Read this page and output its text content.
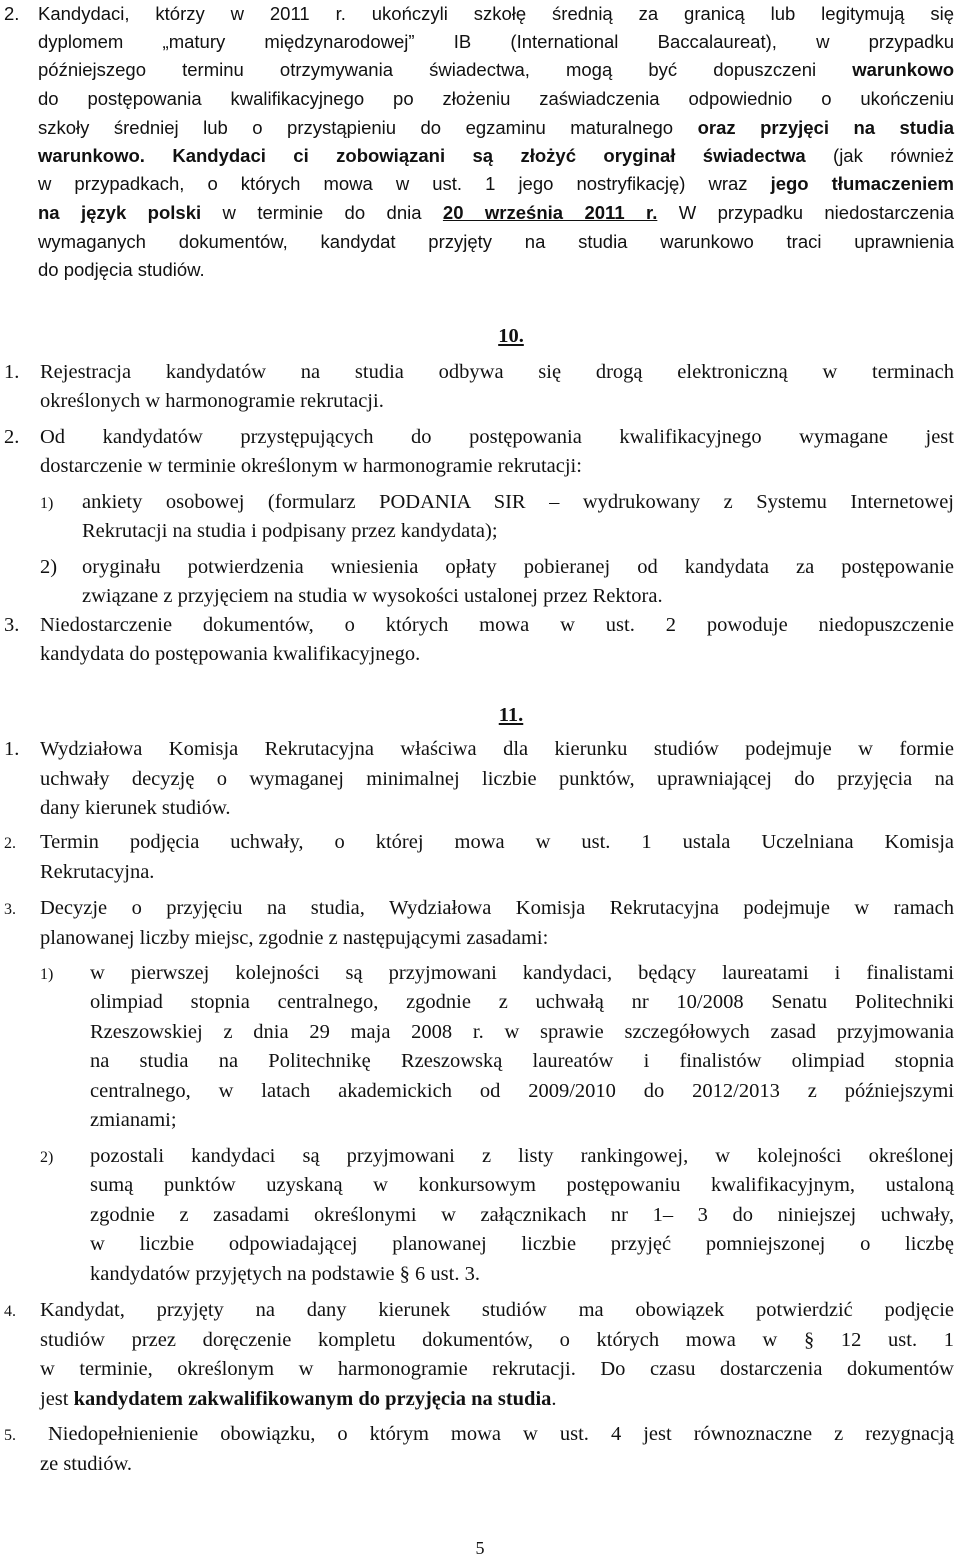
2. Kandydaci, którzy w 2011 r. ukończyli szkołę średnią za granicą lub legitymują się
dyplomem „matury międzynarodowej” IB (International Baccalaureat), w przypadku
późniejszego terminu otrzymywania świadectwa, mogą być dopuszczeni warunkowo
do postępowania kwalifikacyjnego po złożeniu zaświadczenia odpowiednio o ukończeniu
szkoły średniej lub o przystąpieniu do egzaminu maturalnego oraz przyjęci na studia
warunkowo. Kandydaci ci zobowiązani są złożyć oryginał świadectwa (jak również
w przypadkach, o których mowa w ust. 1 jego nostryfikację) wraz jego tłumaczeniem
na język polski w terminie do dnia 20 września 2011 r. W przypadku niedostarczenia
wymaganych dokumentów, kandydat przyjęty na studia warunkowo traci uprawnienia
do podjęcia studiów.
10.
1. Rejestracja kandydatów na studia odbywa się drogą elektroniczną w terminach
określonych w harmonogramie rekrutacji.
2. Od kandydatów przystępujących do postępowania kwalifikacyjnego wymagane jest
dostarczenie w terminie określonym w harmonogramie rekrutacji:
1) ankiety osobowej (formularz PODANIA SIR – wydrukowany z Systemu Internetowej
Rekrutacji na studia i podpisany przez kandydata);
2) oryginału potwierdzenia wniesienia opłaty pobieranej od kandydata za postępowanie
związane z przyjęciem na studia w wysokości ustalonej przez Rektora.
3. Niedostarczenie dokumentów, o których mowa w ust. 2 powoduje niedopuszczenie
kandydata do postępowania kwalifikacyjnego.
11.
1. Wydziałowa Komisja Rekrutacyjna właściwa dla kierunku studiów podejmuje w formie
uchwały decyzję o wymaganej minimalnej liczbie punktów, uprawniającej do przyjęcia na
dany kierunek studiów.
2. Termin podjęcia uchwały, o której mowa w ust. 1 ustala Uczelniana Komisja
Rekrutacyjna.
3. Decyzje o przyjęciu na studia, Wydziałowa Komisja Rekrutacyjna podejmuje w ramach
planowanej liczby miejsc, zgodnie z następującymi zasadami:
1) w pierwszej kolejności są przyjmowani kandydaci, będący laureatami i finalistami
olimpiad stopnia centralnego, zgodnie z uchwałą nr 10/2008 Senatu Politechniki
Rzeszowskiej z dnia 29 maja 2008 r. w sprawie szczegółowych zasad przyjmowania
na studia na Politechnikę Rzeszowską laureatów i finalistów olimpiad stopnia
centralnego, w latach akademickich od 2009/2010 do 2012/2013 z późniejszymi
zmianami;
2) pozostali kandydaci są przyjmowani z listy rankingowej, w kolejności określonej
sumą punktów uzyskaną w konkursowym postępowaniu kwalifikacyjnym, ustaloną
zgodnie z zasadami określonymi w załącznikach nr 1– 3 do niniejszej uchwały,
w liczbie odpowiadającej planowanej liczbie przyjęć pomniejszonej o liczbę
kandydatów przyjętych na podstawie § 6 ust. 3.
4. Kandydat, przyjęty na dany kierunek studiów ma obowiązek potwierdzić podjęcie
studiów przez doręczenie kompletu dokumentów, o których mowa w § 12 ust. 1
w terminie, określonym w harmonogramie rekrutacji. Do czasu dostarczenia dokumentów
jest kandydatem zakwalifikowanym do przyjęcia na studia.
5. Niedopełnienienie obowiązku, o którym mowa w ust. 4 jest równoznaczne z rezygnacją
ze studiów.
5
